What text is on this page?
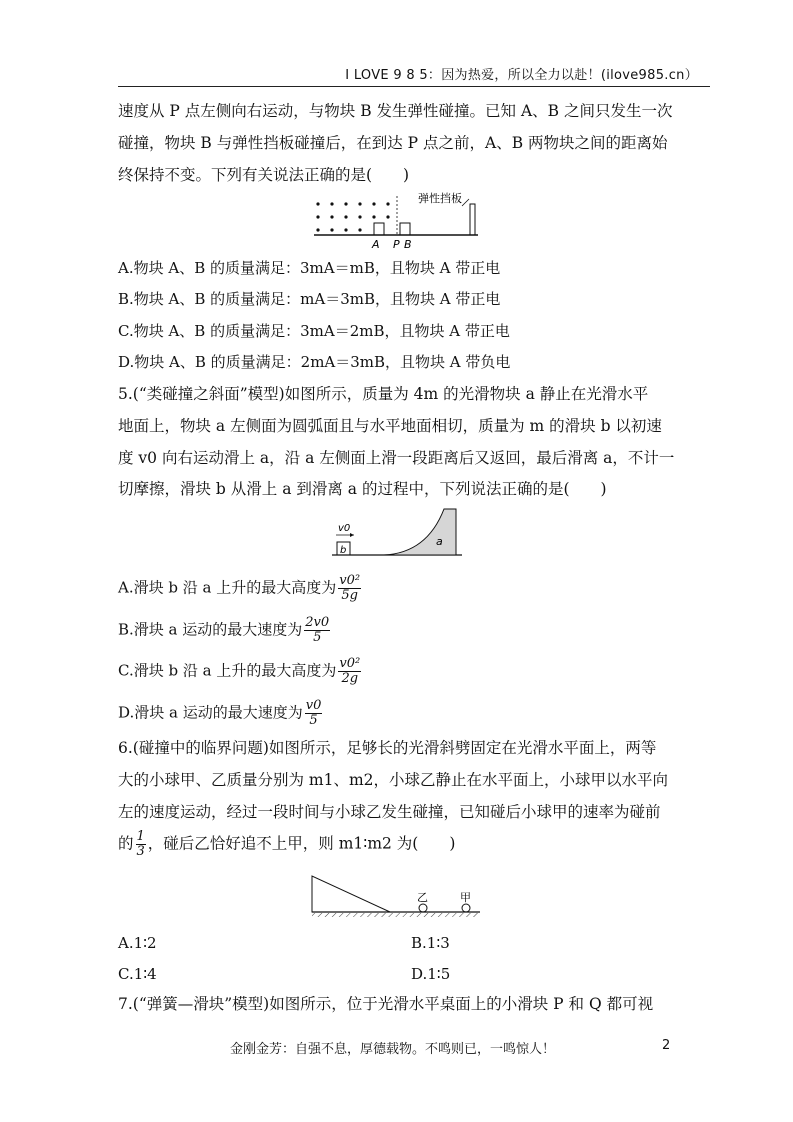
I LOVE 9 8 5：因为热爱，所以全力以赴！(ilove985.cn）
速度从 P 点左侧向右运动，与物块 B 发生弹性碰撞。已知 A、B 之间只发生一次
碰撞，物块 B 与弹性挡板碰撞后，在到达 P 点之前，A、B 两物块之间的距离始
终保持不变。下列有关说法正确的是(　　)
弹性挡板
A P B
A.物块 A、B 的质量满足：3mA＝mB，且物块 A 带正电
B.物块 A、B 的质量满足：mA＝3mB，且物块 A 带正电
C.物块 A、B 的质量满足：3mA＝2mB，且物块 A 带正电
D.物块 A、B 的质量满足：2mA＝3mB，且物块 A 带负电
5.(“类碰撞之斜面”模型)如图所示，质量为 4m 的光滑物块 a 静止在光滑水平
地面上，物块 a 左侧面为圆弧面且与水平地面相切，质量为 m 的滑块 b 以初速
度 v0 向右运动滑上 a，沿 a 左侧面上滑一段距离后又返回，最后滑离 a，不计一
切摩擦，滑块 b 从滑上 a 到滑离 a 的过程中，下列说法正确的是(　　)
v0
b
a
A.滑块 b 沿 a 上升的最大高度为 $\frac{\text{v0²}}{5g}$
B.滑块 a 运动的最大速度为 $\frac{2v0}{5}$
C.滑块 b 沿 a 上升的最大高度为 $\frac{\text{v0²}}{2g}$
D.滑块 a 运动的最大速度为 $\frac{v0}{5}$
6.(碰撞中的临界问题)如图所示，足够长的光滑斜劈固定在光滑水平面上，两等
大的小球甲、乙质量分别为 m1、m2，小球乙静止在水平面上，小球甲以水平向
左的速度运动，经过一段时间与小球乙发生碰撞，已知碰后小球甲的速率为碰前
的 $\frac{1}{3}$ ，碰后乙恰好追不上甲，则 m1∶m2 为(　　)
乙	甲
A.1∶2	B.1∶3
C.1∶4	D.1∶5
7.(“弹簧—滑块”模型)如图所示，位于光滑水平桌面上的小滑块 P 和 Q 都可视
金刚金芳：自强不息，厚德载物。不鸣则已，一鸣惊人！	2
